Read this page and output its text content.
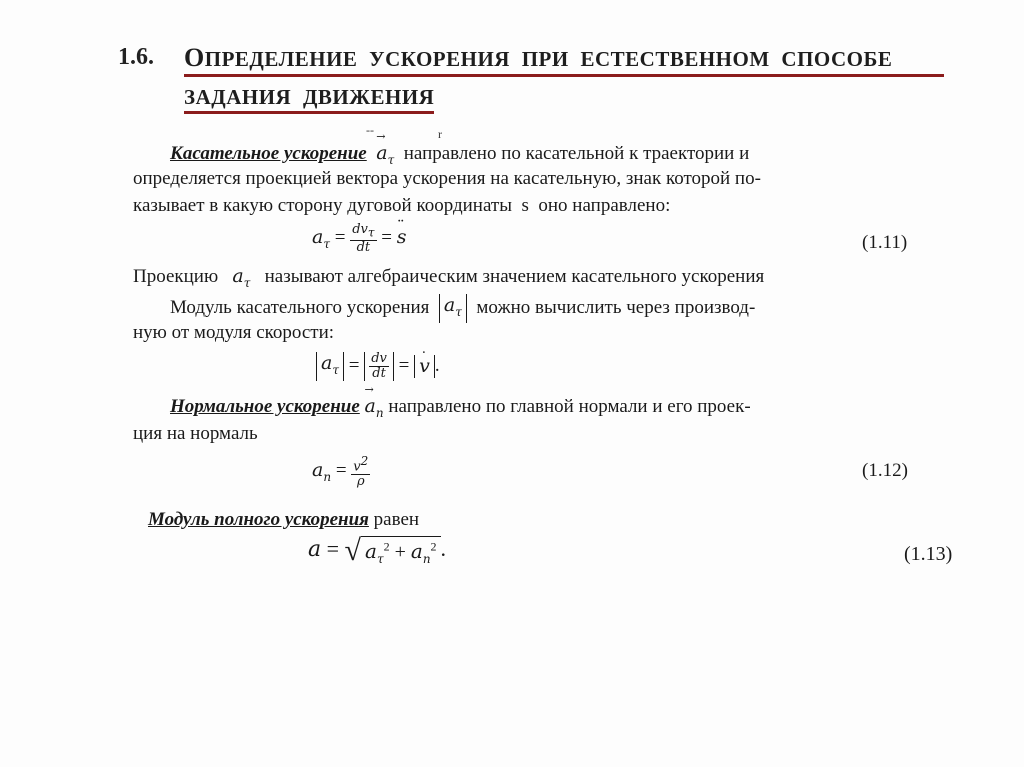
1.6. ОПРЕДЕЛЕНИЕ УСКОРЕНИЯ ПРИ ЕСТЕСТВЕННОМ СПОСОБЕ
ЗАДАНИЯ ДВИЖЕНИЯ
--	r
Касательное ускорение → $a_\tau$ направлено по касательной к траектории и
определяется проекцией вектора ускорения на касательную, знак которой по-
казывает в какую сторону дуговой координаты s оно направлено:
$a_\tau = \frac{dv_\tau}{dt}$ = ¨ s	(1.11)
Проекцию $a_\tau$ называют алгебраическим значением касательного ускорения
Модуль касательного ускорения $a_\tau$ можно вычислить через производ-
ную от модуля скорости:
$a_\tau = \frac{dv}{dt}$ = ˙ v .
Нормальное ускорение → $a_n$ направлено по главной нормали и его проек-
ция на нормаль
$a_n = \frac{v^2}{\rho}$	(1.12)
Модуль полного ускорения равен
a = √ $a_\tau^2 + a_n^2$ .	(1.13)
